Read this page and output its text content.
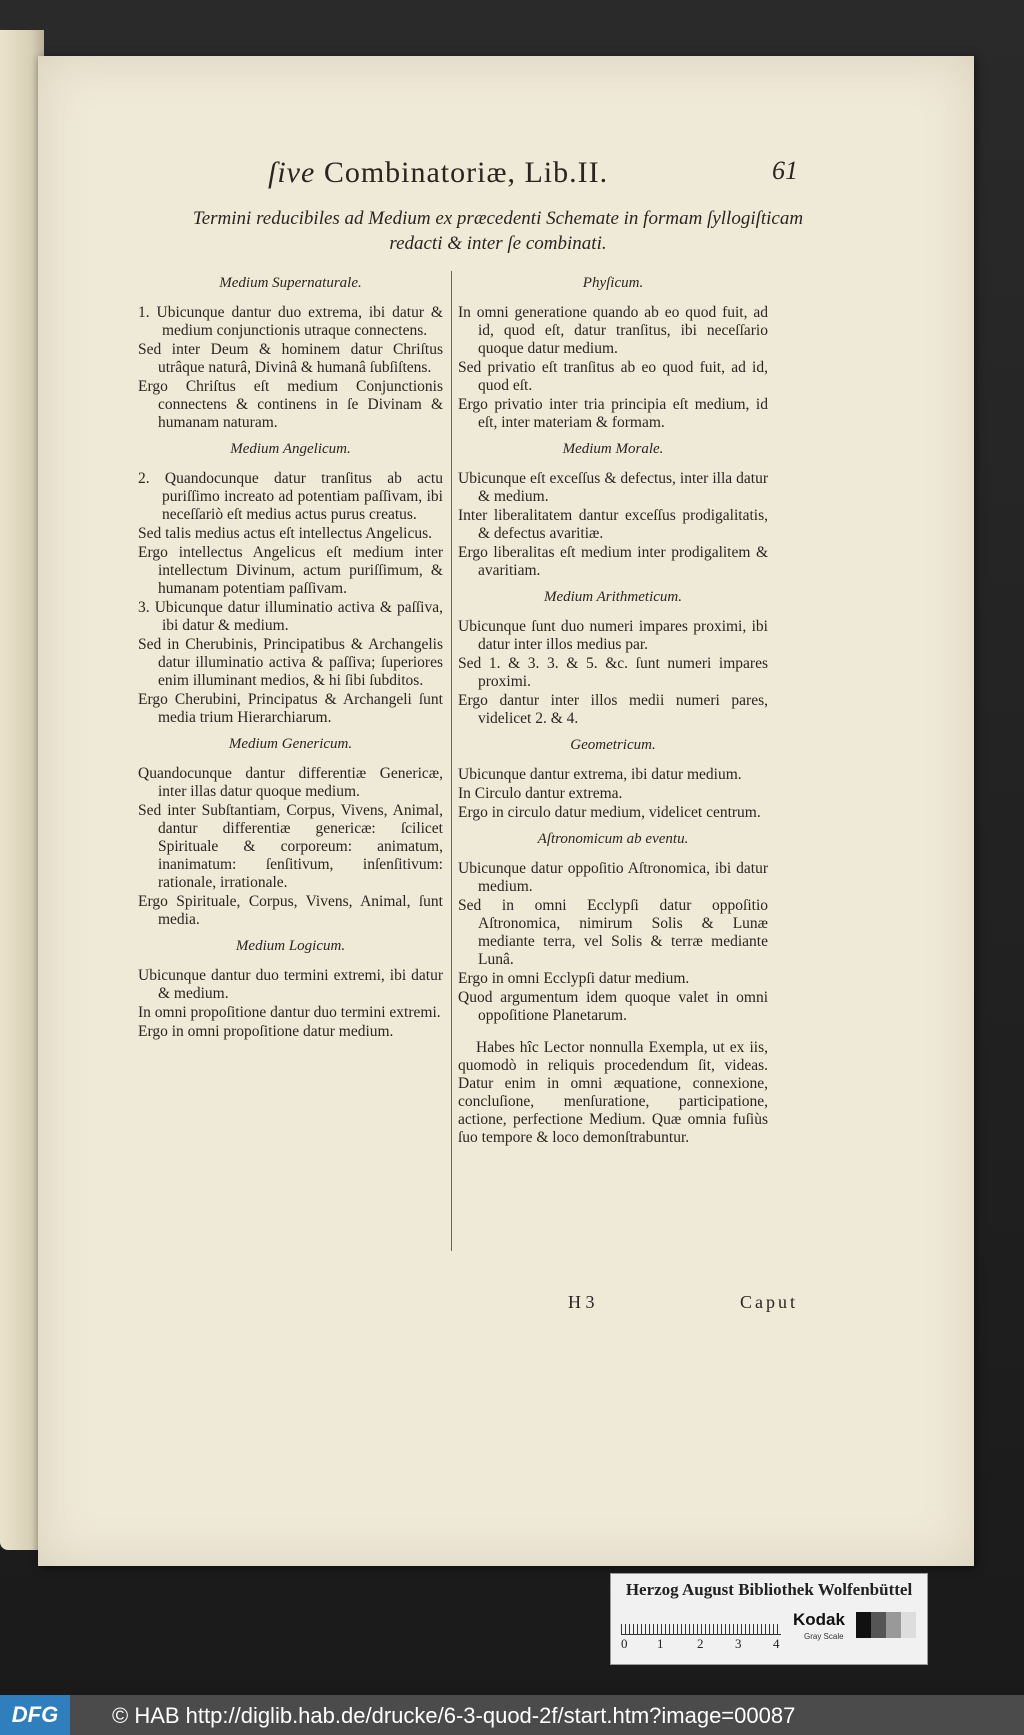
ſive Combinatoriæ, Lib.II.	61
Termini reducibiles ad Medium ex præcedenti Schemate in formam ſyllogiſticam
redacti & inter ſe combinati.
Medium Supernaturale.
1. Ubicunque dantur duo extrema, ibi datur & medium conjunctionis utraque connectens.
Sed inter Deum & hominem datur Chriſtus utrâque naturâ, Divinâ & humanâ ſubſiſtens.
Ergo Chriſtus eſt medium Conjunctionis connectens & continens in ſe Divinam & humanam naturam.
Medium Angelicum.
2. Quandocunque datur tranſitus ab actu puriſſimo increato ad potentiam paſſivam, ibi neceſſariò eſt medius actus purus creatus.
Sed talis medius actus eſt intellectus Angelicus.
Ergo intellectus Angelicus eſt medium inter intellectum Divinum, actum puriſſimum, & humanam potentiam paſſivam.
3. Ubicunque datur illuminatio activa & paſſiva, ibi datur & medium.
Sed in Cherubinis, Principatibus & Archangelis datur illuminatio activa & paſſiva; ſuperiores enim illuminant medios, & hi ſibi ſubditos.
Ergo Cherubini, Principatus & Archangeli ſunt media trium Hierarchiarum.
Medium Genericum.
Quandocunque dantur differentiæ Genericæ, inter illas datur quoque medium.
Sed inter Subſtantiam, Corpus, Vivens, Animal, dantur differentiæ genericæ: ſcilicet Spirituale & corporeum: animatum, inanimatum: ſenſitivum, inſenſitivum: rationale, irrationale.
Ergo Spirituale, Corpus, Vivens, Animal, ſunt media.
Medium Logicum.
Ubicunque dantur duo termini extremi, ibi datur & medium.
In omni propoſitione dantur duo termini extremi.
Ergo in omni propoſitione datur medium.
Phyſicum.
In omni generatione quando ab eo quod fuit, ad id, quod eſt, datur tranſitus, ibi neceſſario quoque datur medium.
Sed privatio eſt tranſitus ab eo quod fuit, ad id, quod eſt.
Ergo privatio inter tria principia eſt medium, id eſt, inter materiam & formam.
Medium Morale.
Ubicunque eſt exceſſus & defectus, inter illa datur & medium.
Inter liberalitatem dantur exceſſus prodigalitatis, & defectus avaritiæ.
Ergo liberalitas eſt medium inter prodigalitem & avaritiam.
Medium Arithmeticum.
Ubicunque ſunt duo numeri impares proximi, ibi datur inter illos medius par.
Sed 1. & 3. 3. & 5. &c. ſunt numeri impares proximi.
Ergo dantur inter illos medii numeri pares, videlicet 2. & 4.
Geometricum.
Ubicunque dantur extrema, ibi datur medium.
In Circulo dantur extrema.
Ergo in circulo datur medium, videlicet centrum.
Aſtronomicum ab eventu.
Ubicunque datur oppoſitio Aſtronomica, ibi datur medium.
Sed in omni Ecclypſi datur oppoſitio Aſtronomica, nimirum Solis & Lunæ mediante terra, vel Solis & terræ mediante Lunâ.
Ergo in omni Ecclypſi datur medium.
Quod argumentum idem quoque valet in omni oppoſitione Planetarum.
Habes hîc Lector nonnulla Exempla, ut ex iis, quomodò in reliquis procedendum ſit, videas. Datur enim in omni æquatione, connexione, concluſione, menſuratione, participatione, actione, perfectione Medium. Quæ omnia fuſiùs ſuo tempore & loco demonſtrabuntur.
H 3	Caput
Herzog August Bibliothek Wolfenbüttel
0 1	2 3 4
Kodak
Gray Scale
DFG	© HAB http://diglib.hab.de/drucke/6-3-quod-2f/start.htm?image=00087
